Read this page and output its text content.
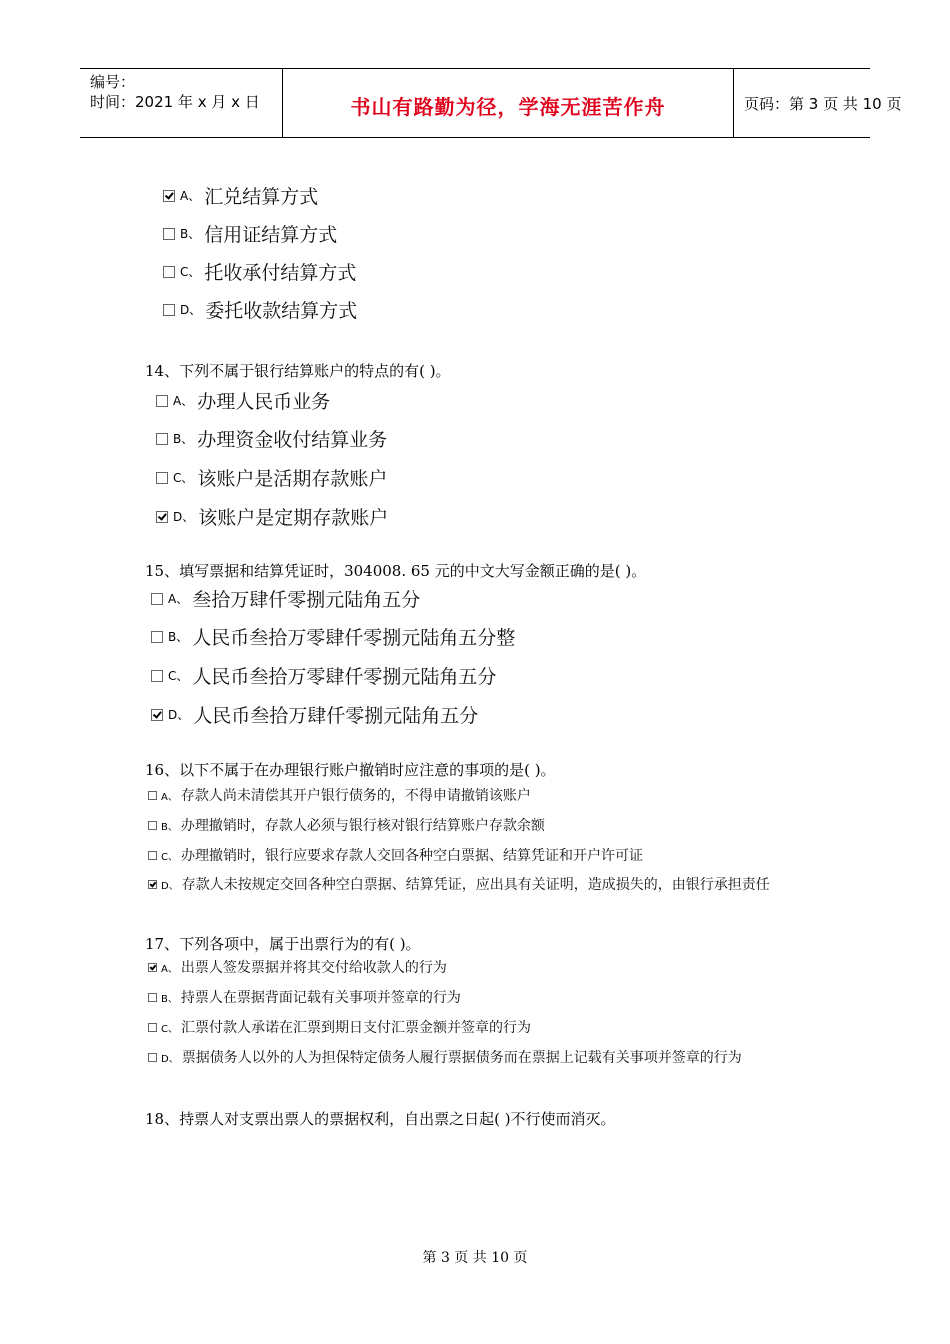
编号：
时间：2021 年 x 月 x 日	书山有路勤为径，学海无涯苦作舟	页码：第 3 页 共 10 页
A、 汇兑结算方式
B、 信用证结算方式
C、 托收承付结算方式
D、 委托收款结算方式
14、下列不属于银行结算账户的特点的有( )。
A、 办理人民币业务
B、 办理资金收付结算业务
C、 该账户是活期存款账户
D、 该账户是定期存款账户
15、填写票据和结算凭证时，304008. 65 元的中文大写金额正确的是( )。
A、 叁拾万肆仟零捌元陆角五分
B、 人民币叁拾万零肆仟零捌元陆角五分整
C、 人民币叁拾万零肆仟零捌元陆角五分
D、 人民币叁拾万肆仟零捌元陆角五分
16、以下不属于在办理银行账户撤销时应注意的事项的是( )。
A、 存款人尚未清偿其开户银行债务的，不得申请撤销该账户
B、 办理撤销时，存款人必须与银行核对银行结算账户存款余额
C、 办理撤销时，银行应要求存款人交回各种空白票据、结算凭证和开户许可证
D、 存款人未按规定交回各种空白票据、结算凭证，应出具有关证明，造成损失的，由银行承担责任
17、下列各项中，属于出票行为的有( )。
A、 出票人签发票据并将其交付给收款人的行为
B、 持票人在票据背面记载有关事项并签章的行为
C、 汇票付款人承诺在汇票到期日支付汇票金额并签章的行为
D、 票据债务人以外的人为担保特定债务人履行票据债务而在票据上记载有关事项并签章的行为
18、持票人对支票出票人的票据权利，自出票之日起( )不行使而消灭。
第 3 页 共 10 页
